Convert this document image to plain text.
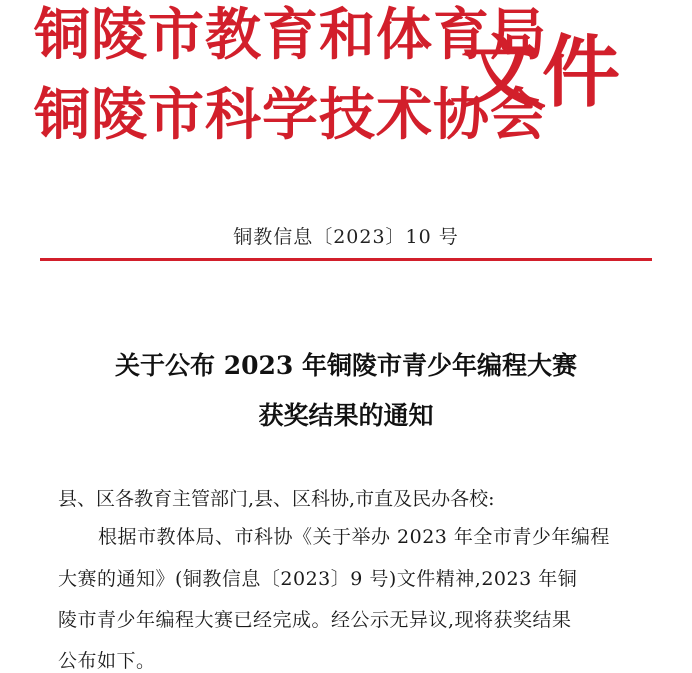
铜陵市教育和体育局
铜陵市科学技术协会
文件
铜教信息〔2023〕10 号
关于公布 2023 年铜陵市青少年编程大赛
获奖结果的通知
县、区各教育主管部门,县、区科协,市直及民办各校:
根据市教体局、市科协《关于举办 2023 年全市青少年编程
大赛的通知》(铜教信息〔2023〕9 号)文件精神,2023 年铜
陵市青少年编程大赛已经完成。经公示无异议,现将获奖结果
公布如下。
